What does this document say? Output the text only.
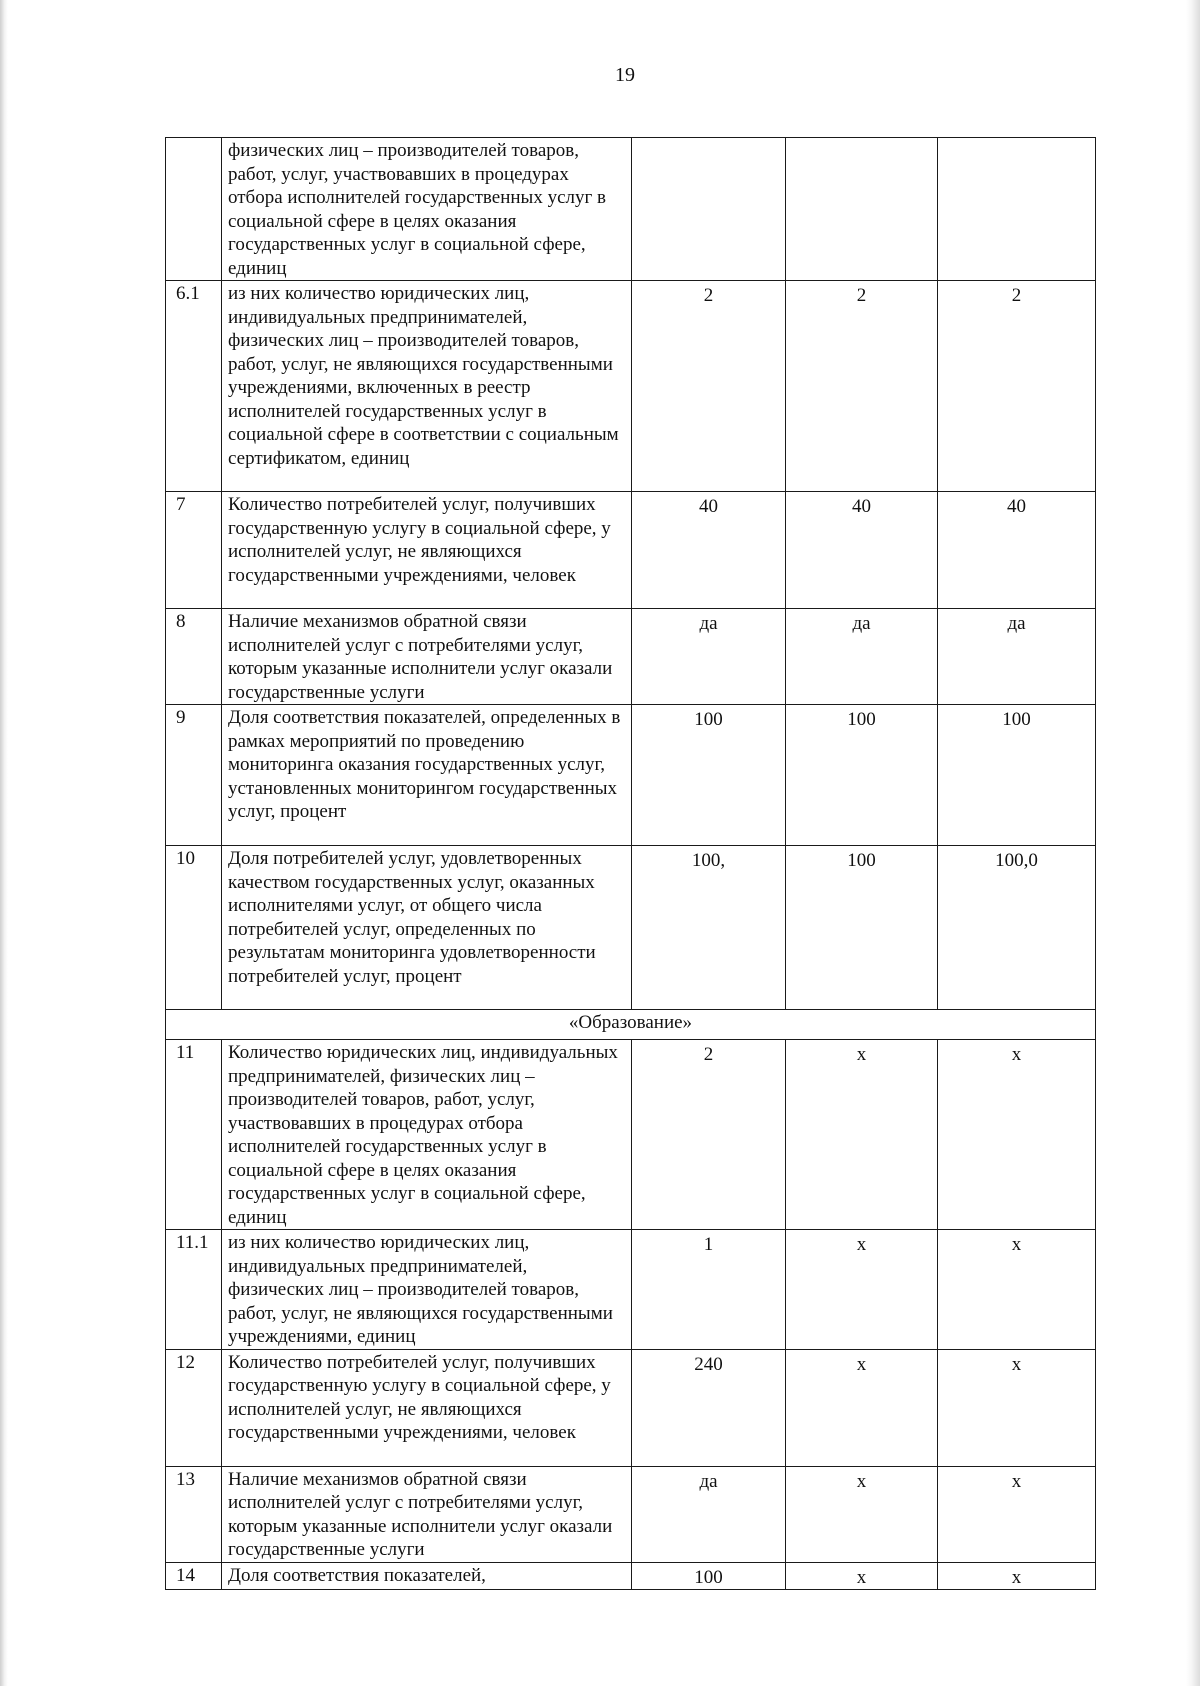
19
	физических лиц – производителей товаров, работ, услуг, участвовавших в процедурах отбора исполнителей государственных услуг в социальной сфере в целях оказания государственных услуг в социальной сфере, единиц			
6.1	из них количество юридических лиц, индивидуальных предпринимателей, физических лиц – производителей товаров, работ, услуг, не являющихся государственными учреждениями, включенных в реестр исполнителей государственных услуг в социальной сфере в соответствии с социальным сертификатом, единиц	2	2	2
7	Количество потребителей услуг, получивших государственную услугу в социальной сфере, у исполнителей услуг, не являющихся государственными учреждениями, человек	40	40	40
8	Наличие механизмов обратной связи исполнителей услуг с потребителями услуг, которым указанные исполнители услуг оказали государственные услуги	да	да	да
9	Доля соответствия показателей, определенных в рамках мероприятий по проведению мониторинга оказания государственных услуг, установленных мониторингом государственных услуг, процент	100	100	100
10	Доля потребителей услуг, удовлетворенных качеством государственных услуг, оказанных исполнителями услуг, от общего числа потребителей услуг, определенных по результатам мониторинга удовлетворенности потребителей услуг, процент	100,	100	100,0
«Образование»				
11	Количество юридических лиц, индивидуальных предпринимателей, физических лиц – производителей товаров, работ, услуг, участвовавших в процедурах отбора исполнителей государственных услуг в социальной сфере в целях оказания государственных услуг в социальной сфере, единиц	2	х	х
11.1	из них количество юридических лиц, индивидуальных предпринимателей, физических лиц – производителей товаров, работ, услуг, не являющихся государственными учреждениями, единиц	1	х	х
12	Количество потребителей услуг, получивших государственную услугу в социальной сфере, у исполнителей услуг, не являющихся государственными учреждениями, человек	240	х	х
13	Наличие механизмов обратной связи исполнителей услуг с потребителями услуг, которым указанные исполнители услуг оказали государственные услуги	да	х	х
14	Доля соответствия показателей,	100	х	х
